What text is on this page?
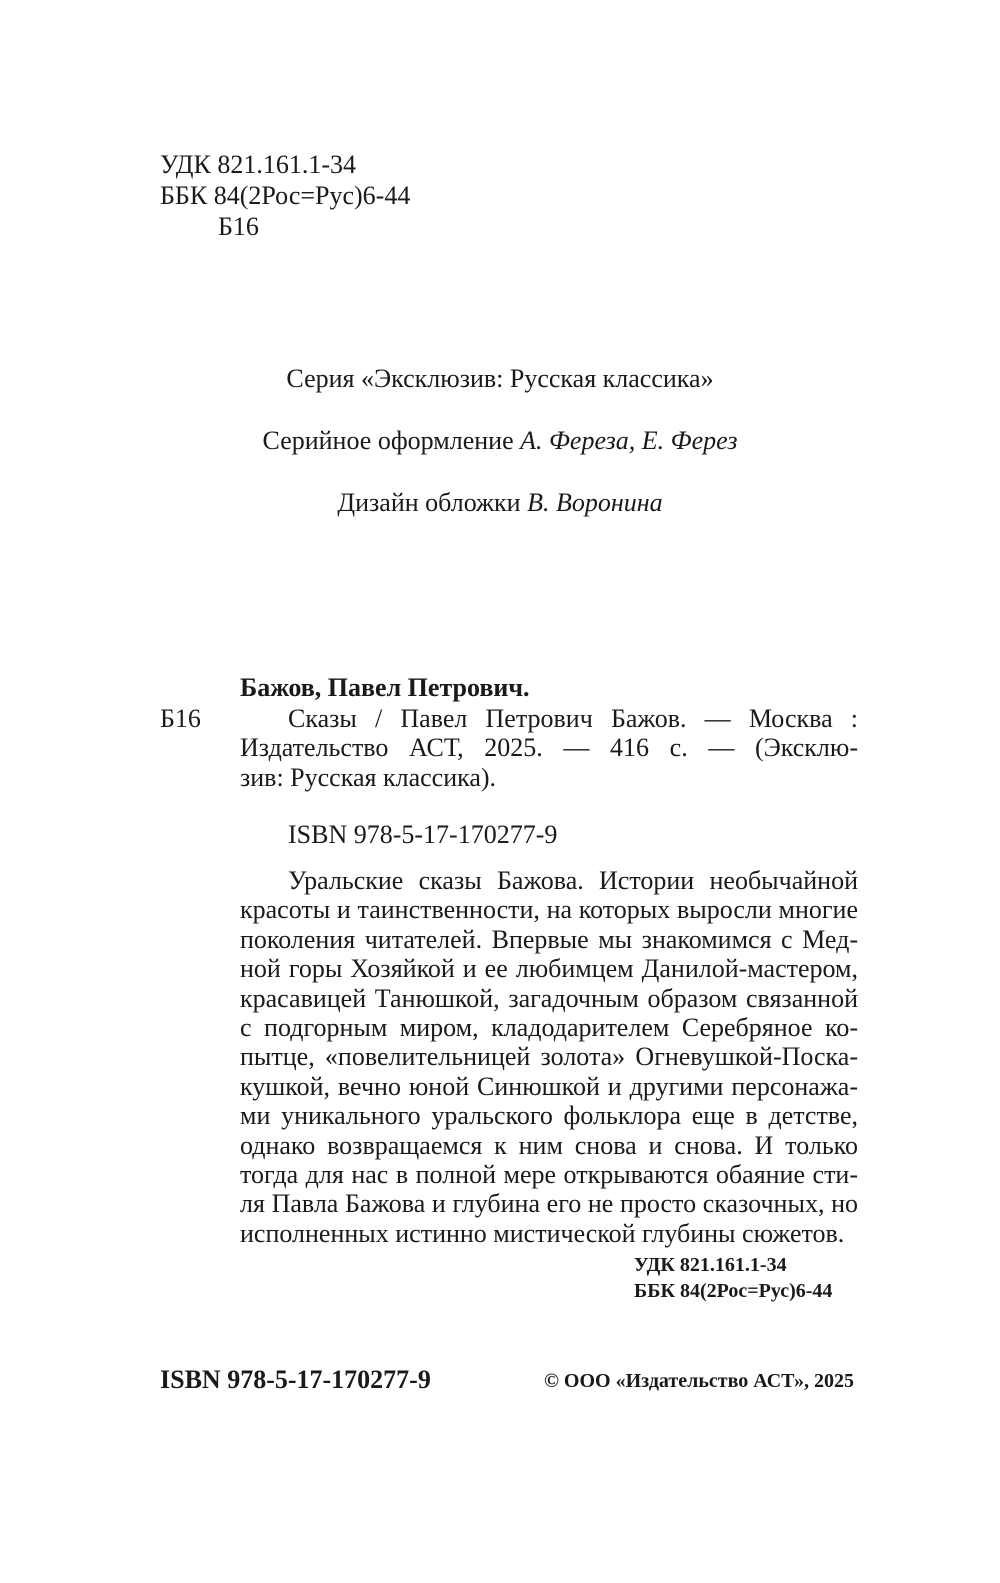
УДК 821.161.1-34
ББК 84(2Рос=Рус)6-44
Б16
Серия «Эксклюзив: Русская классика»
Серийное оформление А. Фереза, Е. Ферез
Дизайн обложки В. Воронина
Бажов, Павел Петрович.
Б16	Сказы / Павел Петрович Бажов. — Москва :
Издательство АСТ, 2025. — 416 с. — (Эксклю-
зив: Русская классика).
ISBN 978-5-17-170277-9
Уральские сказы Бажова. Истории необычайной
красоты и таинственности, на которых выросли многие
поколения читателей. Впервые мы знакомимся с Мед-
ной горы Хозяйкой и ее любимцем Данилой-мастером,
красавицей Танюшкой, загадочным образом связанной
с подгорным миром, кладодарителем Серебряное ко-
пытце, «повелительницей золота» Огневушкой-Поска-
кушкой, вечно юной Синюшкой и другими персонажа-
ми уникального уральского фольклора еще в детстве,
однако возвращаемся к ним снова и снова. И только
тогда для нас в полной мере открываются обаяние сти-
ля Павла Бажова и глубина его не просто сказочных, но
исполненных истинно мистической глубины сюжетов.
УДК 821.161.1-34
ББК 84(2Рос=Рус)6-44
ISBN 978-5-17-170277-9	© ООО «Издательство АСТ», 2025
